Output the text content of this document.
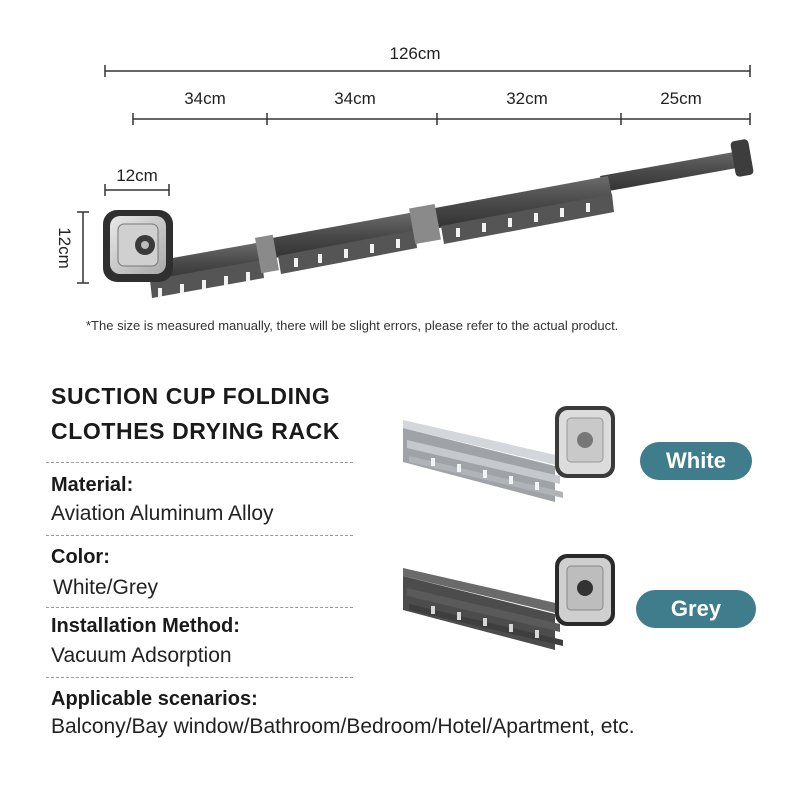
126cm
34cm	34cm	32cm	25cm
12cm
12cm
*The size is measured manually, there will be slight errors, please refer to the actual product.
SUCTION CUP FOLDING
CLOTHES DRYING RACK
Material:
Aviation Aluminum Alloy
Color:
White/Grey
Installation Method:
Vacuum Adsorption
Applicable scenarios:
Balcony/Bay window/Bathroom/Bedroom/Hotel/Apartment, etc.
White
Grey
